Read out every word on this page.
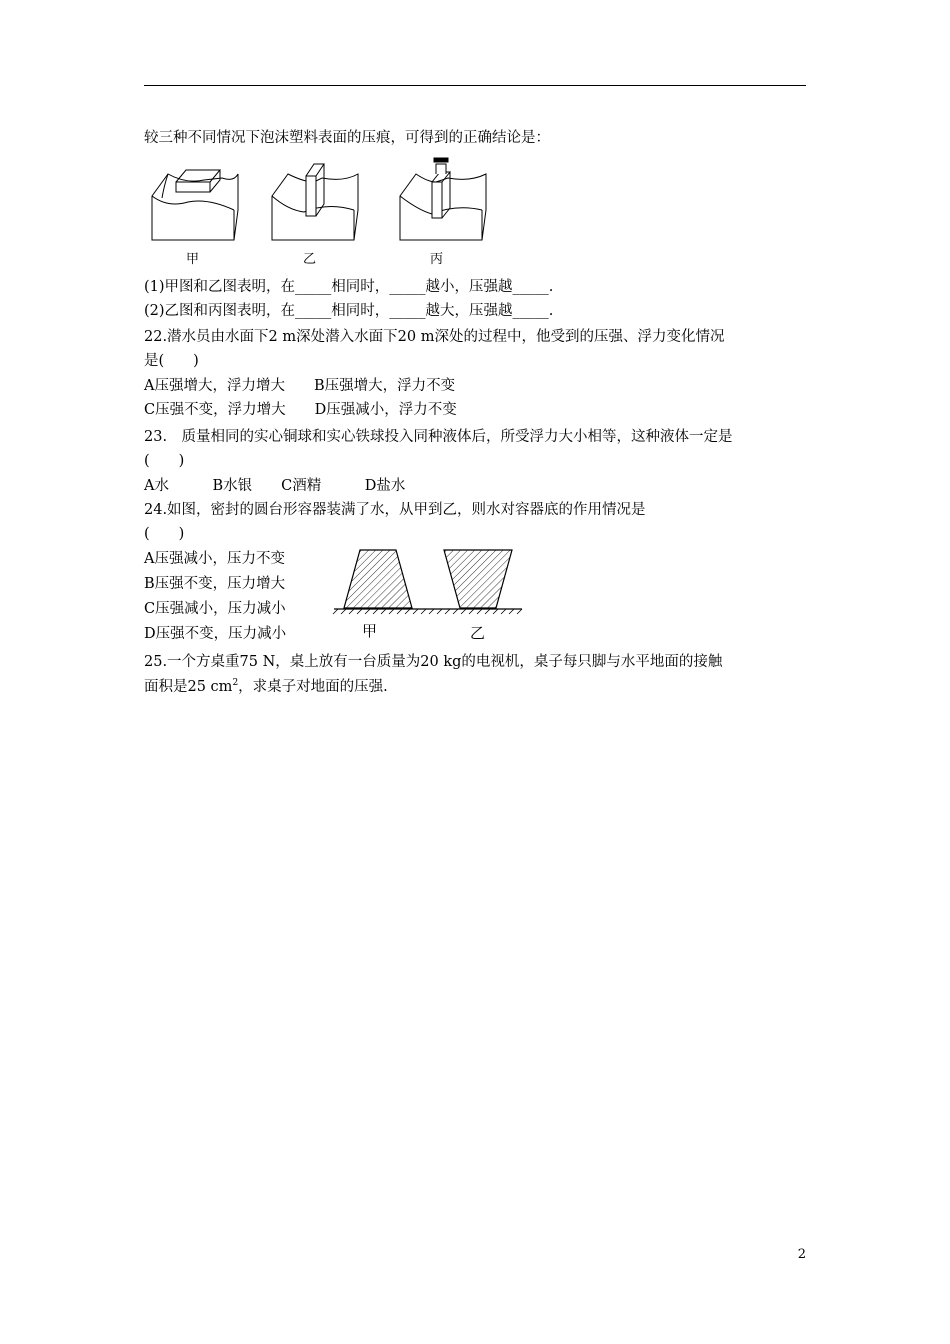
较三种不同情况下泡沫塑料表面的压痕，可得到的正确结论是：
甲	乙	丙
(1)甲图和乙图表明，在_____相同时，_____越小，压强越_____.
(2)乙图和丙图表明，在_____相同时，_____越大，压强越_____.
22.潜水员由水面下2 m深处潜入水面下20 m深处的过程中，他受到的压强、浮力变化情况
是(　　)
A压强增大，浮力增大　　B压强增大，浮力不变
C压强不变，浮力增大　　D压强减小，浮力不变
23.　质量相同的实心铜球和实心铁球投入同种液体后，所受浮力大小相等，这种液体一定是
(　　)
A水　　　B水银　　C酒精　　　D盐水
24.如图，密封的圆台形容器装满了水，从甲到乙，则水对容器底的作用情况是
(　　)
A压强减小，压力不变
B压强不变，压力增大
C压强减小，压力减小
D压强不变，压力减小	甲	乙
25.一个方桌重75 N，桌上放有一台质量为20 kg的电视机，桌子每只脚与水平地面的接触
面积是25 $cm^2$，求桌子对地面的压强.
2
